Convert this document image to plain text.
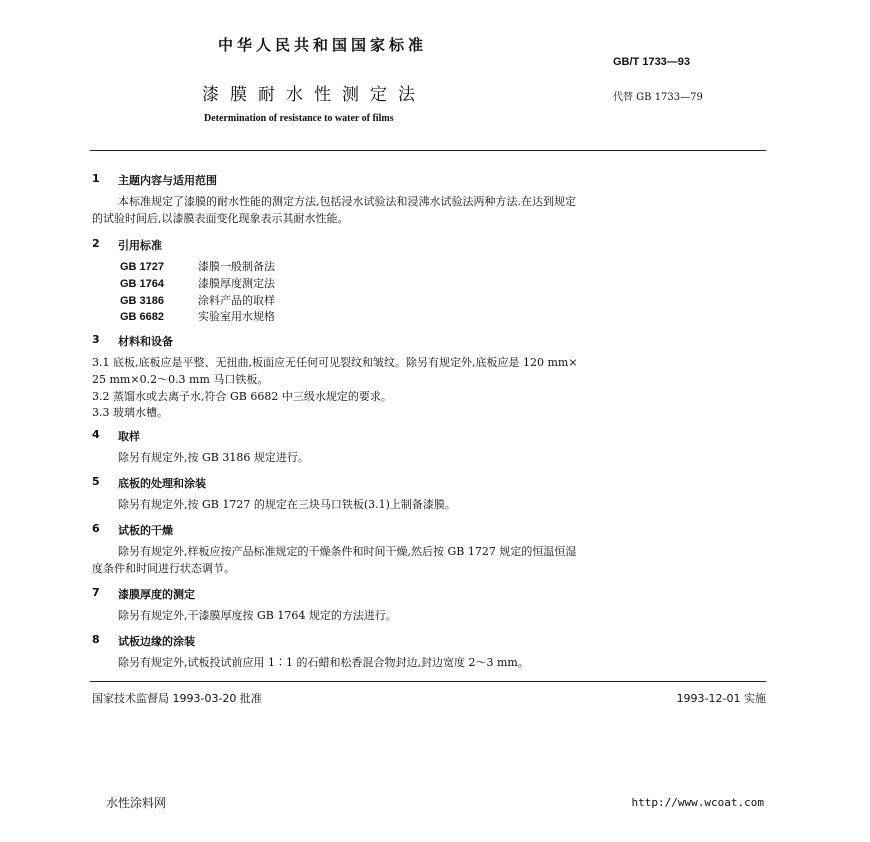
中华人民共和国国家标准
GB/T 1733—93
漆膜耐水性测定法	代替 GB 1733—79
Determination of resistance to water of films
1 主题内容与适用范围
本标准规定了漆膜的耐水性能的测定方法,包括浸水试验法和浸沸水试验法两种方法.在达到规定
的试验时间后,以漆膜表面变化现象表示其耐水性能。
2 引用标准
GB 1727	漆膜一般制备法
GB 1764	漆膜厚度测定法
GB 3186	涂料产品的取样
GB 6682	实验室用水规格
3 材料和设备
3.1 底板,底板应是平整、无扭曲,板面应无任何可见裂纹和皱纹。除另有规定外,底板应是 120 mm×
25 mm×0.2～0.3 mm 马口铁板。
3.2 蒸馏水或去离子水,符合 GB 6682 中三级水规定的要求。
3.3 玻璃水槽。
4 取样
除另有规定外,按 GB 3186 规定进行。
5 底板的处理和涂装
除另有规定外,按 GB 1727 的规定在三块马口铁板(3.1)上制备漆膜。
6 试板的干燥
除另有规定外,样板应按产品标准规定的干燥条件和时间干燥,然后按 GB 1727 规定的恒温恒湿
度条件和时间进行状态调节。
7 漆膜厚度的测定
除另有规定外,干漆膜厚度按 GB 1764 规定的方法进行。
8 试板边缘的涂装
除另有规定外,试板投试前应用 1∶1 的石蜡和松香混合物封边,封边宽度 2～3 mm。
国家技术监督局 1993-03-20 批准	1993-12-01 实施
水性涂料网	http://www.wcoat.com
